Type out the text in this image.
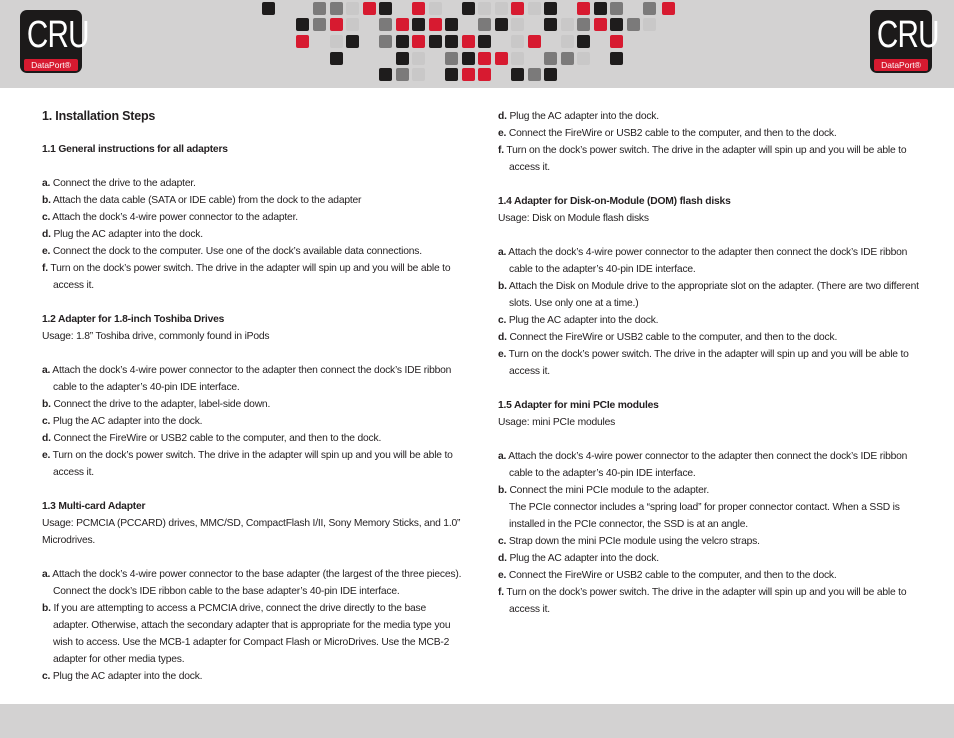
CRU
DataPort®
CRU
DataPort®

1. Installation Steps

1.1 General instructions for all adapters

a. Connect the drive to the adapter.

b. Attach the data cable (SATA or IDE cable) from the dock to the adapter

c. Attach the dock’s 4-wire power connector to the adapter.

d. Plug the AC adapter into the dock.

e. Connect the dock to the computer. Use one of the dock’s available data connections.

f. Turn on the dock’s power switch. The drive in the adapter will spin up and you will be able to access it.

1.2 Adapter for 1.8-inch Toshiba Drives

Usage: 1.8” Toshiba drive, commonly found in iPods

a. Attach the dock’s 4-wire power connector to the adapter then connect the dock’s IDE ribbon cable to the adapter’s 40-pin IDE interface.

b. Connect the drive to the adapter, label-side down.

c. Plug the AC adapter into the dock.

d. Connect the FireWire or USB2 cable to the computer, and then to the dock.

e. Turn on the dock’s power switch. The drive in the adapter will spin up and you will be able to access it.

1.3 Multi-card Adapter

Usage: PCMCIA (PCCARD) drives, MMC/SD, CompactFlash I/II, Sony Memory Sticks, and 1.0” Microdrives.

a. Attach the dock’s 4-wire power connector to the base adapter (the largest of the three pieces). Connect the dock’s IDE ribbon cable to the base adapter’s 40-pin IDE interface.

b. If you are attempting to access a PCMCIA drive, connect the drive directly to the base adapter. Otherwise, attach the secondary adapter that is appropriate for the media type you wish to access. Use the MCB-1 adapter for Compact Flash or MicroDrives. Use the MCB-2 adapter for other media types.

c. Plug the AC adapter into the dock.

d. Plug the AC adapter into the dock.

e. Connect the FireWire or USB2 cable to the computer, and then to the dock.

f. Turn on the dock’s power switch. The drive in the adapter will spin up and you will be able to access it.

1.4 Adapter for Disk-on-Module (DOM) flash disks

Usage: Disk on Module flash disks

a. Attach the dock’s 4-wire power connector to the adapter then connect the dock’s IDE ribbon cable to the adapter’s 40-pin IDE interface.

b. Attach the Disk on Module drive to the appropriate slot on the adapter. (There are two different slots. Use only one at a time.)

c. Plug the AC adapter into the dock.

d. Connect the FireWire or USB2 cable to the computer, and then to the dock.

e. Turn on the dock’s power switch. The drive in the adapter will spin up and you will be able to access it.

1.5 Adapter for mini PCIe modules

Usage: mini PCIe modules

a. Attach the dock’s 4-wire power connector to the adapter then connect the dock’s IDE ribbon cable to the adapter’s 40-pin IDE interface.

b. Connect the mini PCIe module to the adapter.

The PCIe connector includes a “spring load” for proper connector contact. When a SSD is installed in the PCIe connector, the SSD is at an angle.

c. Strap down the mini PCIe module using the velcro straps.

d. Plug the AC adapter into the dock.

e. Connect the FireWire or USB2 cable to the computer, and then to the dock.

f. Turn on the dock’s power switch. The drive in the adapter will spin up and you will be able to access it.
